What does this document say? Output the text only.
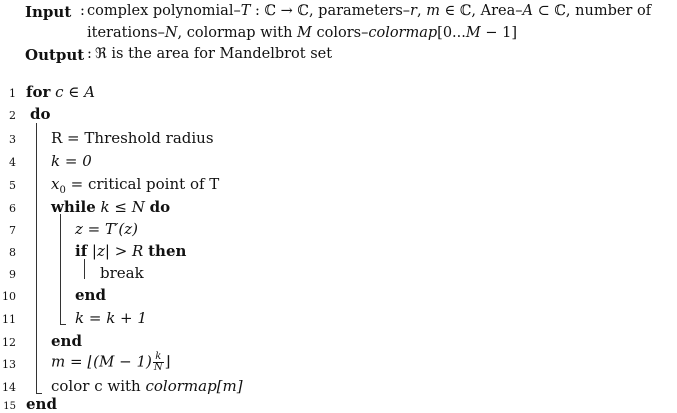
Input : complex polynomial–T : ℂ → ℂ, parameters–r, m ∈ ℂ, Area–A ⊂ ℂ, number of
iterations–N, colormap with M colors–colormap[0...M − 1]
Output : ℜ is the area for Mandelbrot set
1 for c ∈ A
2 do
3 R = Threshold radius
4 k = 0
5 $x_0$ = critical point of T
6 while k ≤ N do
7	z = T′(z)
8	if |z| > R then
9	break
10	end
11	k = k + 1
12 end
13 m = ⌊(M − $1) \frac{k}{N}$ ⌋
14 color c with colormap[m]
15 end
